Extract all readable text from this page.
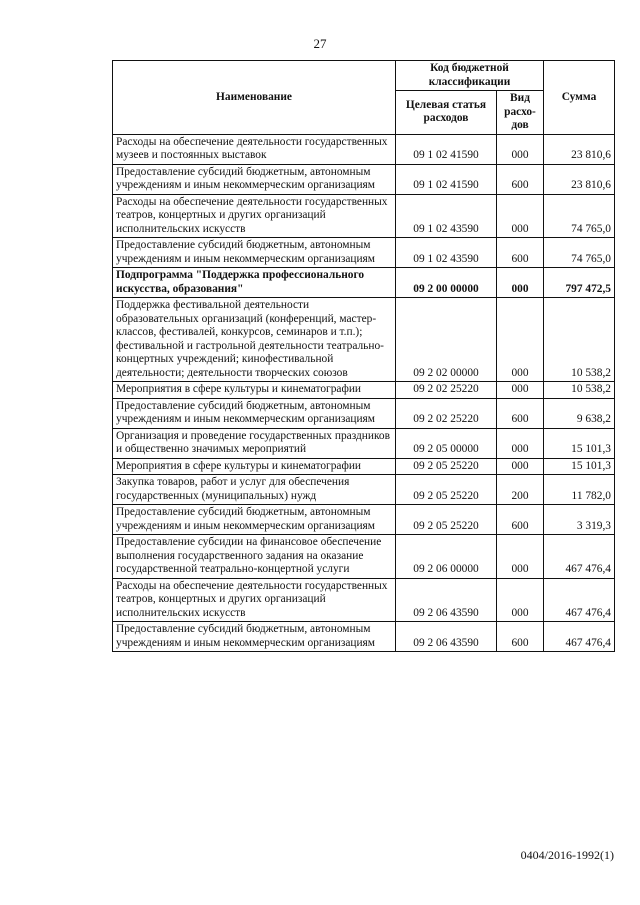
27
Наименование	Код бюджетной классификации		Сумма
	Целевая статья расходов	Вид расхо-дов	
Расходы на обеспечение деятельности государственных музеев и постоянных выставок	09 1 02 41590	000	23 810,6
Предоставление субсидий бюджетным, автономным учреждениям и иным некоммерческим организациям	09 1 02 41590	600	23 810,6
Расходы на обеспечение деятельности государственных театров, концертных и других организаций исполнительских искусств	09 1 02 43590	000	74 765,0
Предоставление субсидий бюджетным, автономным учреждениям и иным некоммерческим организациям	09 1 02 43590	600	74 765,0
Подпрограмма "Поддержка профессионального искусства, образования"	09 2 00 00000	000	797 472,5
Поддержка фестивальной деятельности образовательных организаций (конференций, мастер-классов, фестивалей, конкурсов, семинаров и т.п.); фестивальной и гастрольной деятельности театрально-концертных учреждений; кинофестивальной деятельности; деятельности творческих союзов	09 2 02 00000	000	10 538,2
Мероприятия в сфере культуры и кинематографии	09 2 02 25220	000	10 538,2
Предоставление субсидий бюджетным, автономным учреждениям и иным некоммерческим организациям	09 2 02 25220	600	9 638,2
Организация и проведение государственных праздников и общественно значимых мероприятий	09 2 05 00000	000	15 101,3
Мероприятия в сфере культуры и кинематографии	09 2 05 25220	000	15 101,3
Закупка товаров, работ и услуг для обеспечения государственных (муниципальных) нужд	09 2 05 25220	200	11 782,0
Предоставление субсидий бюджетным, автономным учреждениям и иным некоммерческим организациям	09 2 05 25220	600	3 319,3
Предоставление субсидии на финансовое обеспечение выполнения государственного задания на оказание государственной театрально-концертной услуги	09 2 06 00000	000	467 476,4
Расходы на обеспечение деятельности государственных театров, концертных и других организаций исполнительских искусств	09 2 06 43590	000	467 476,4
Предоставление субсидий бюджетным, автономным учреждениям и иным некоммерческим организациям	09 2 06 43590	600	467 476,4
0404/2016-1992(1)
